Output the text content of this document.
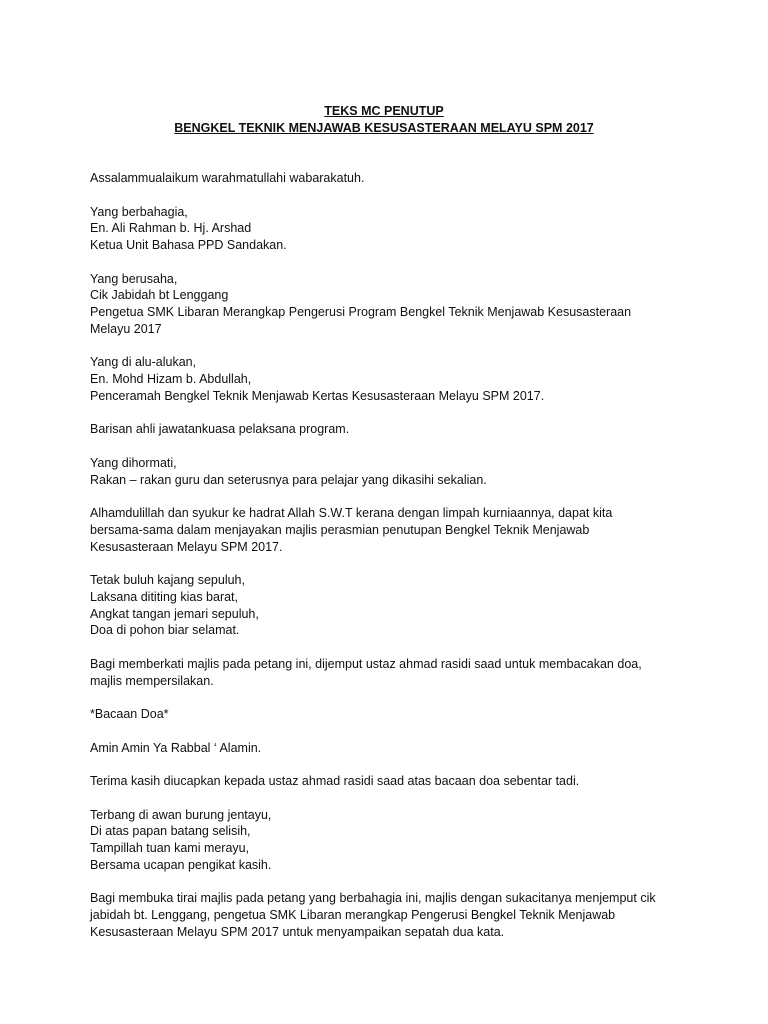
TEKS MC PENUTUP
BENGKEL TEKNIK MENJAWAB KESUSASTERAAN MELAYU SPM 2017
Assalammualaikum warahmatullahi wabarakatuh.
Yang berbahagia,
En. Ali Rahman b. Hj. Arshad
Ketua Unit Bahasa PPD Sandakan.
Yang berusaha,
Cik Jabidah bt Lenggang
Pengetua SMK Libaran Merangkap Pengerusi Program Bengkel Teknik Menjawab Kesusasteraan
Melayu 2017
Yang di alu-alukan,
En. Mohd Hizam b. Abdullah,
Penceramah Bengkel Teknik Menjawab Kertas Kesusasteraan Melayu SPM 2017.
Barisan ahli jawatankuasa pelaksana program.
Yang dihormati,
Rakan – rakan guru dan seterusnya para pelajar yang dikasihi sekalian.
Alhamdulillah dan syukur ke hadrat Allah S.W.T kerana dengan limpah kurniaannya, dapat kita
bersama-sama dalam menjayakan majlis perasmian penutupan Bengkel Teknik Menjawab
Kesusasteraan Melayu SPM 2017.
Tetak buluh kajang sepuluh,
Laksana dititing kias barat,
Angkat tangan jemari sepuluh,
Doa di pohon biar selamat.
Bagi memberkati majlis pada petang ini, dijemput ustaz ahmad rasidi saad untuk membacakan doa,
majlis mempersilakan.
*Bacaan Doa*
Amin Amin Ya Rabbal ‘ Alamin.
Terima kasih diucapkan kepada ustaz ahmad rasidi saad atas bacaan doa sebentar tadi.
Terbang di awan burung jentayu,
Di atas papan batang selisih,
Tampillah tuan kami merayu,
Bersama ucapan pengikat kasih.
Bagi membuka tirai majlis pada petang yang berbahagia ini, majlis dengan sukacitanya menjemput cik
jabidah bt. Lenggang, pengetua SMK Libaran merangkap Pengerusi Bengkel Teknik Menjawab
Kesusasteraan Melayu SPM 2017 untuk menyampaikan sepatah dua kata.
